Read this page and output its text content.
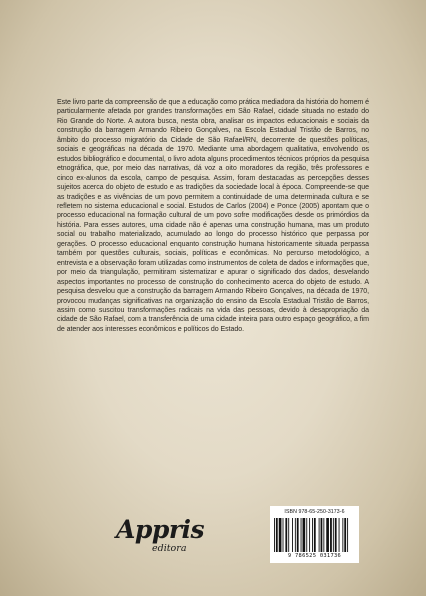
Este livro parte da compreensão de que a educação como prática mediadora da história do homem é particularmente afetada por grandes transformações em São Rafael, cidade situada no estado do Rio Grande do Norte. A autora busca, nesta obra, analisar os impactos educacionais e sociais da construção da barragem Armando Ribeiro Gonçalves, na Escola Estadual Tristão de Barros, no âmbito do processo migratório da Cidade de São Rafael/RN, decorrente de questões políticas, sociais e geográficas na década de 1970. Mediante uma abordagem qualitativa, envolvendo os estudos bibliográfico e documental, o livro adota alguns procedimentos técnicos próprios da pesquisa etnográfica, que, por meio das narrativas, dá voz a oito moradores da região, três professores e cinco ex-alunos da escola, campo de pesquisa. Assim, foram destacadas as percepções desses sujeitos acerca do objeto de estudo e as tradições da sociedade local à época. Compreende-se que as tradições e as vivências de um povo permitem a continuidade de uma determinada cultura e se refletem no sistema educacional e social. Estudos de Carlos (2004) e Ponce (2005) apontam que o processo educacional na formação cultural de um povo sofre modificações desde os primórdios da história. Para esses autores, uma cidade não é apenas uma construção humana, mas um produto social ou trabalho materializado, acumulado ao longo do processo histórico que perpassa por gerações. O processo educacional enquanto construção humana historicamente situada perpassa também por questões culturais, sociais, políticas e econômicas. No percurso metodológico, a entrevista e a observação foram utilizadas como instrumentos de coleta de dados e informações que, por meio da triangulação, permitiram sistematizar e apurar o significado dos dados, desvelando aspectos importantes no processo de construção do conhecimento acerca do objeto de estudo. A pesquisa desvelou que a construção da barragem Armando Ribeiro Gonçalves, na década de 1970, provocou mudanças significativas na organização do ensino da Escola Estadual Tristão de Barros, assim como suscitou transformações radicais na vida das pessoas, devido à desapropriação da cidade de São Rafael, com a transferência de uma cidade inteira para outro espaço geográfico, a fim de atender aos interesses econômicos e políticos do Estado.

Appris
editora
ISBN 978-65-250-3173-6
9 786525 031736
